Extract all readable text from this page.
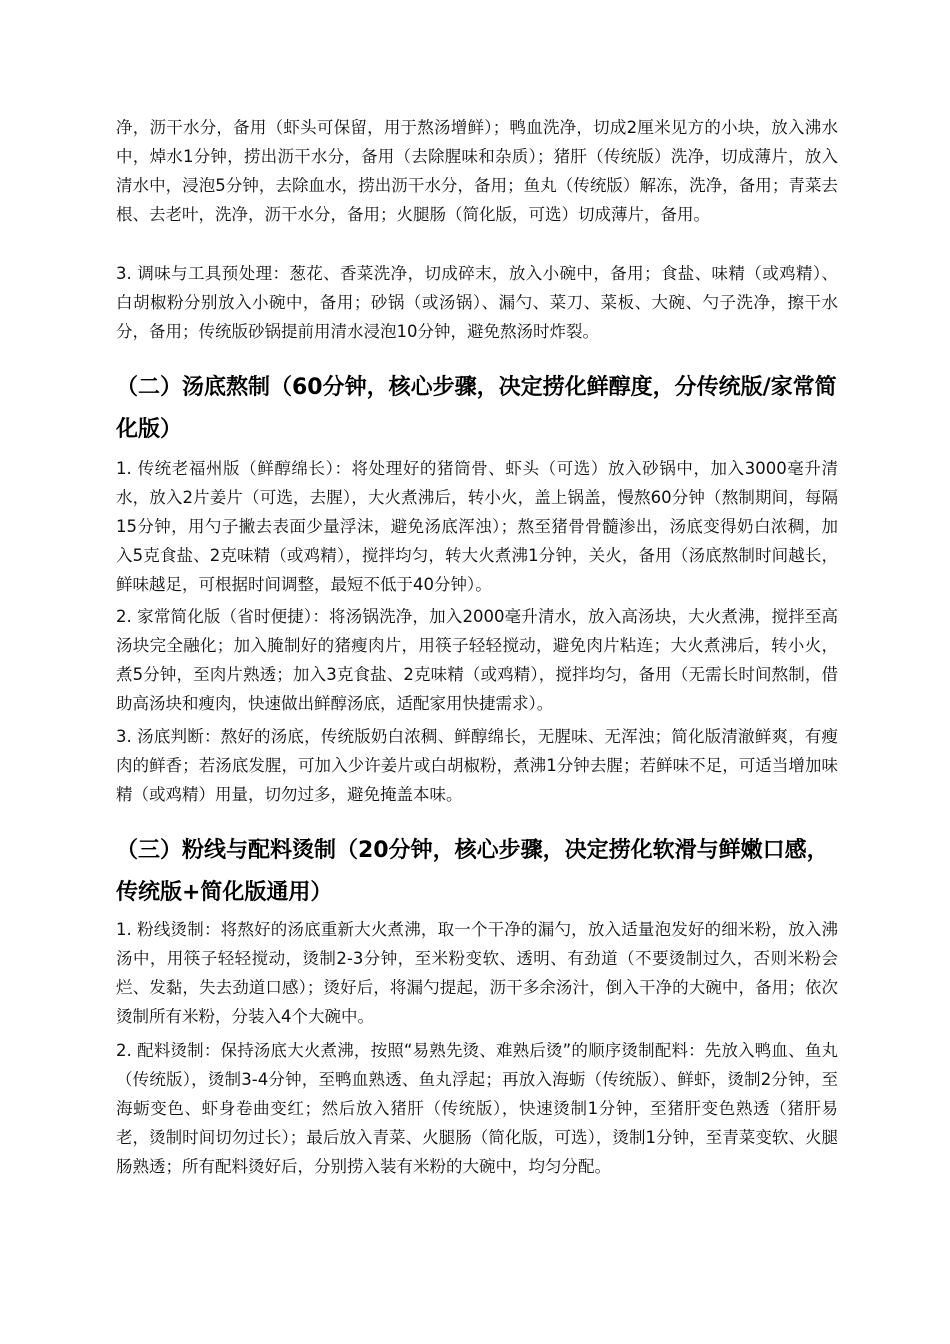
净，沥干水分，备用（虾头可保留，用于熬汤增鲜）；鸭血洗净，切成2厘米见方的小块，放入沸水中，焯水1分钟，捞出沥干水分，备用（去除腥味和杂质）；猪肝（传统版）洗净，切成薄片，放入清水中，浸泡5分钟，去除血水，捞出沥干水分，备用；鱼丸（传统版）解冻，洗净，备用；青菜去根、去老叶，洗净，沥干水分，备用；火腿肠（简化版，可选）切成薄片，备用。

3. 调味与工具预处理：葱花、香菜洗净，切成碎末，放入小碗中，备用；食盐、味精（或鸡精）、白胡椒粉分别放入小碗中，备用；砂锅（或汤锅）、漏勺、菜刀、菜板、大碗、勺子洗净，擦干水分，备用；传统版砂锅提前用清水浸泡10分钟，避免熬汤时炸裂。

（二）汤底熬制（60分钟，核心步骤，决定捞化鲜醇度，分传统版/家常简化版）

1. 传统老福州版（鲜醇绵长）：将处理好的猪筒骨、虾头（可选）放入砂锅中，加入3000毫升清水，放入2片姜片（可选，去腥），大火煮沸后，转小火，盖上锅盖，慢熬60分钟（熬制期间，每隔15分钟，用勺子撇去表面少量浮沫，避免汤底浑浊）；熬至猪骨骨髓渗出，汤底变得奶白浓稠，加入5克食盐、2克味精（或鸡精），搅拌均匀，转大火煮沸1分钟，关火，备用（汤底熬制时间越长，鲜味越足，可根据时间调整，最短不低于40分钟）。

2. 家常简化版（省时便捷）：将汤锅洗净，加入2000毫升清水，放入高汤块，大火煮沸，搅拌至高汤块完全融化；加入腌制好的猪瘦肉片，用筷子轻轻搅动，避免肉片粘连；大火煮沸后，转小火，煮5分钟，至肉片熟透；加入3克食盐、2克味精（或鸡精），搅拌均匀，备用（无需长时间熬制，借助高汤块和瘦肉，快速做出鲜醇汤底，适配家用快捷需求）。

3. 汤底判断：熬好的汤底，传统版奶白浓稠、鲜醇绵长，无腥味、无浑浊；简化版清澈鲜爽，有瘦肉的鲜香；若汤底发腥，可加入少许姜片或白胡椒粉，煮沸1分钟去腥；若鲜味不足，可适当增加味精（或鸡精）用量，切勿过多，避免掩盖本味。

（三）粉线与配料烫制（20分钟，核心步骤，决定捞化软滑与鲜嫩口感，传统版+简化版通用）

1. 粉线烫制：将熬好的汤底重新大火煮沸，取一个干净的漏勺，放入适量泡发好的细米粉，放入沸汤中，用筷子轻轻搅动，烫制2-3分钟，至米粉变软、透明、有劲道（不要烫制过久，否则米粉会烂、发黏，失去劲道口感）；烫好后，将漏勺提起，沥干多余汤汁，倒入干净的大碗中，备用；依次烫制所有米粉，分装入4个大碗中。

2. 配料烫制：保持汤底大火煮沸，按照“易熟先烫、难熟后烫”的顺序烫制配料：先放入鸭血、鱼丸（传统版），烫制3-4分钟，至鸭血熟透、鱼丸浮起；再放入海蛎（传统版）、鲜虾，烫制2分钟，至海蛎变色、虾身卷曲变红；然后放入猪肝（传统版），快速烫制1分钟，至猪肝变色熟透（猪肝易老，烫制时间切勿过长）；最后放入青菜、火腿肠（简化版，可选），烫制1分钟，至青菜变软、火腿肠熟透；所有配料烫好后，分别捞入装有米粉的大碗中，均匀分配。
